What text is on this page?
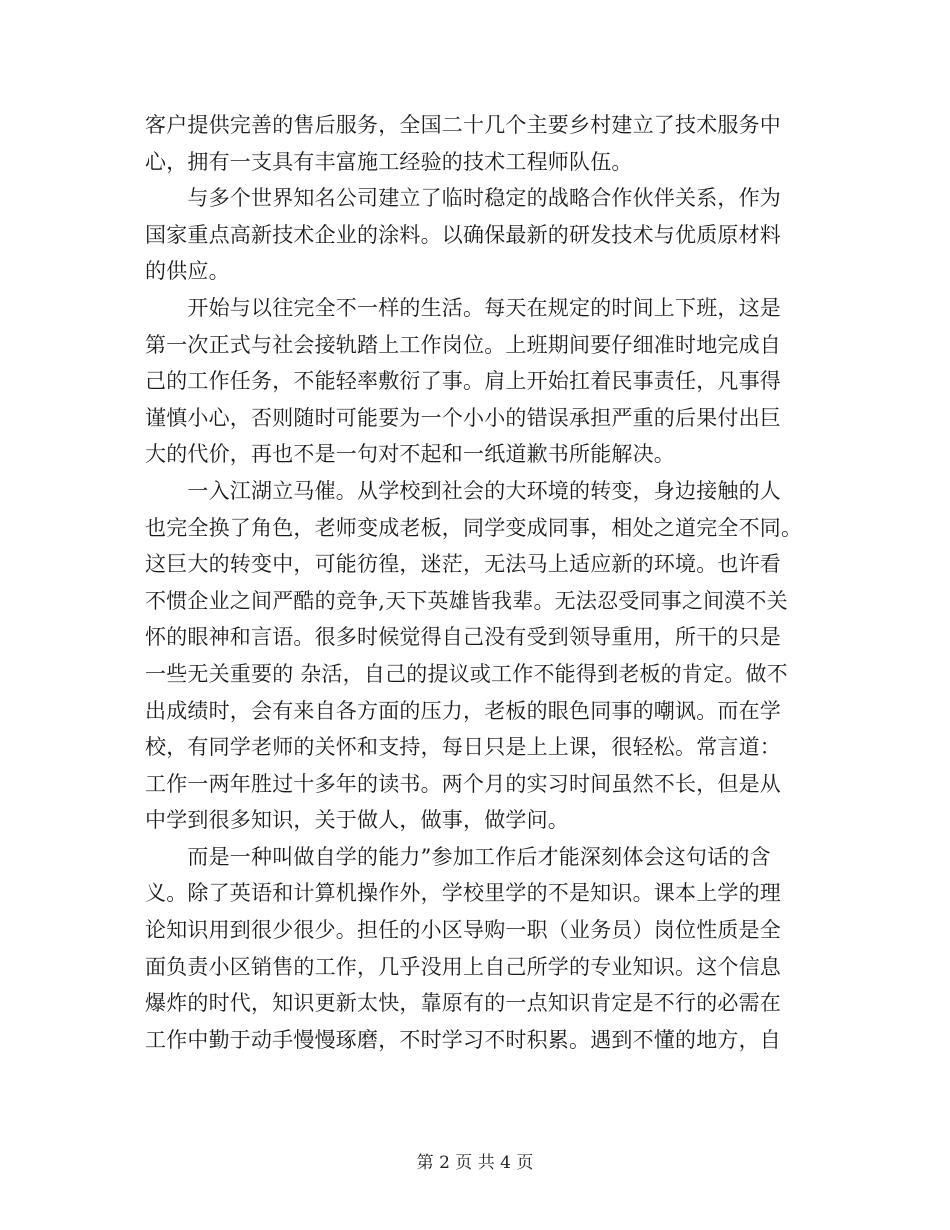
客户提供完善的售后服务，全国二十几个主要乡村建立了技术服务中
心，拥有一支具有丰富施工经验的技术工程师队伍。
　　与多个世界知名公司建立了临时稳定的战略合作伙伴关系，作为
国家重点高新技术企业的涂料。以确保最新的研发技术与优质原材料
的供应。
　　开始与以往完全不一样的生活。每天在规定的时间上下班，这是
第一次正式与社会接轨踏上工作岗位。上班期间要仔细准时地完成自
己的工作任务，不能轻率敷衍了事。肩上开始扛着民事责任，凡事得
谨慎小心，否则随时可能要为一个小小的错误承担严重的后果付出巨
大的代价，再也不是一句对不起和一纸道歉书所能解决。
　　一入江湖立马催。从学校到社会的大环境的转变，身边接触的人
也完全换了角色，老师变成老板，同学变成同事，相处之道完全不同。
这巨大的转变中，可能彷徨，迷茫，无法马上适应新的环境。也许看
不惯企业之间严酷的竞争,天下英雄皆我辈。无法忍受同事之间漠不关
怀的眼神和言语。很多时候觉得自己没有受到领导重用，所干的只是
一些无关重要的 杂活，自己的提议或工作不能得到老板的肯定。做不
出成绩时，会有来自各方面的压力，老板的眼色同事的嘲讽。而在学
校，有同学老师的关怀和支持，每日只是上上课，很轻松。常言道：
工作一两年胜过十多年的读书。两个月的实习时间虽然不长，但是从
中学到很多知识，关于做人，做事，做学问。
　　而是一种叫做自学的能力”参加工作后才能深刻体会这句话的含
义。除了英语和计算机操作外，学校里学的不是知识。课本上学的理
论知识用到很少很少。担任的小区导购一职（业务员）岗位性质是全
面负责小区销售的工作，几乎没用上自己所学的专业知识。这个信息
爆炸的时代，知识更新太快，靠原有的一点知识肯定是不行的必需在
工作中勤于动手慢慢琢磨，不时学习不时积累。遇到不懂的地方，自
第 2 页 共 4 页
